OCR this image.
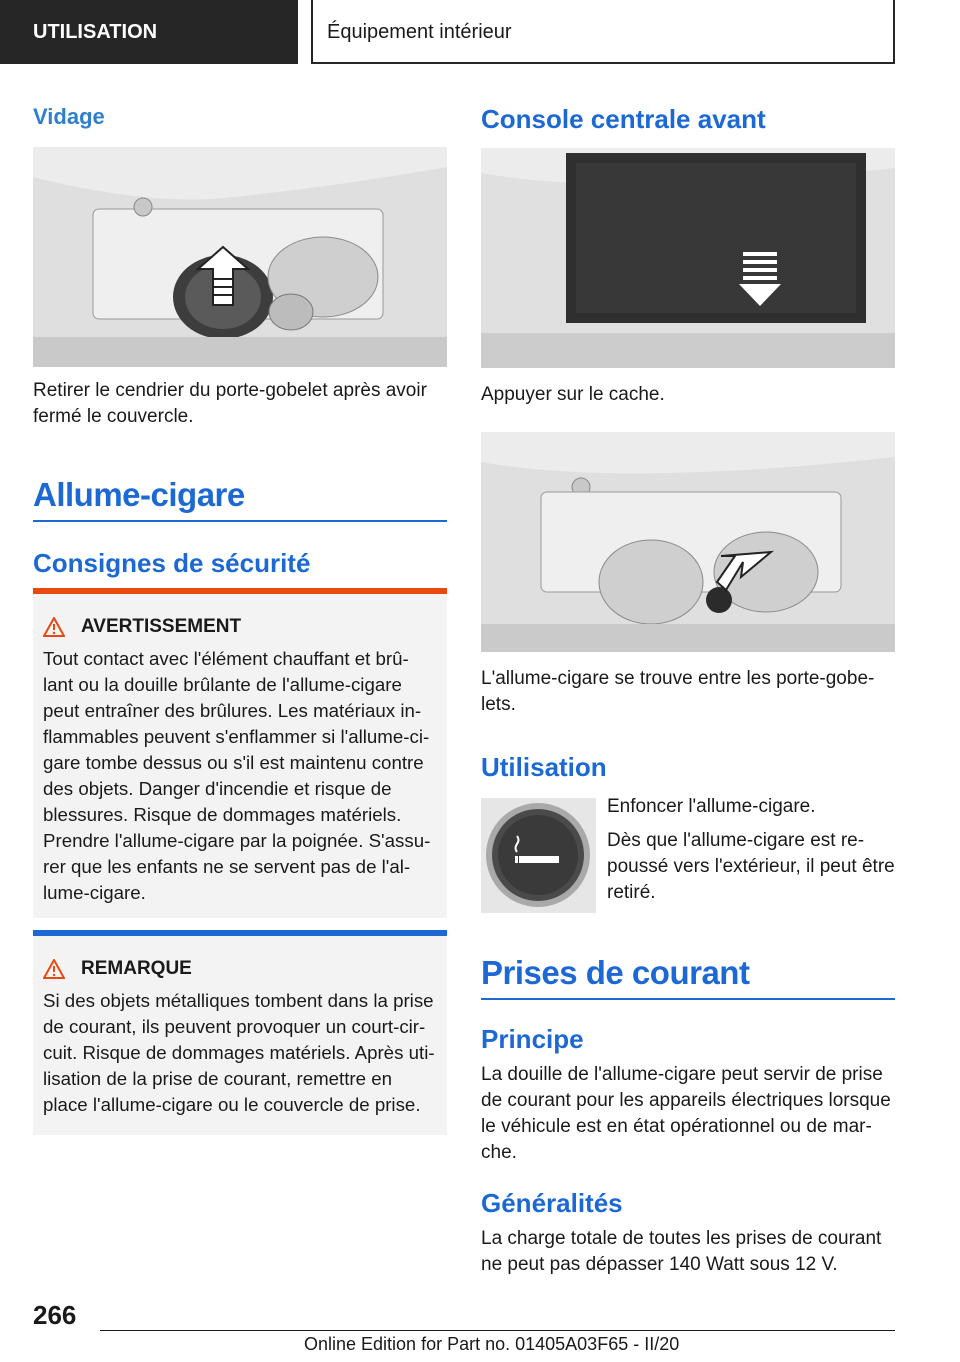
UTILISATION	Équipement intérieur
Vidage

Retirer le cendrier du porte-gobelet après avoir fermé le couvercle.

Allume-cigare
Consignes de sécurité
AVERTISSEMENT

Tout contact avec l'élément chauffant et brû-lant ou la douille brûlante de l'allume-cigare peut entraîner des brûlures. Les matériaux in-flammables peuvent s'enflammer si l'allume-ci-gare tombe dessus ou s'il est maintenu contre des objets. Danger d'incendie et risque de blessures. Risque de dommages matériels. Prendre l'allume-cigare par la poignée. S'assu-rer que les enfants ne se servent pas de l'al-lume-cigare.

REMARQUE

Si des objets métalliques tombent dans la prise de courant, ils peuvent provoquer un court-cir-cuit. Risque de dommages matériels. Après uti-lisation de la prise de courant, remettre en place l'allume-cigare ou le couvercle de prise.

Console centrale avant

Appuyer sur le cache.

L'allume-cigare se trouve entre les porte-gobe-lets.

Utilisation

Enfoncer l'allume-cigare.

Dès que l'allume-cigare est re-poussé vers l'extérieur, il peut être retiré.

Prises de courant
Principe

La douille de l'allume-cigare peut servir de prise de courant pour les appareils électriques lorsque le véhicule est en état opérationnel ou de mar-che.

Généralités

La charge totale de toutes les prises de courant ne peut pas dépasser 140 Watt sous 12 V.

266
Online Edition for Part no. 01405A03F65 - II/20
